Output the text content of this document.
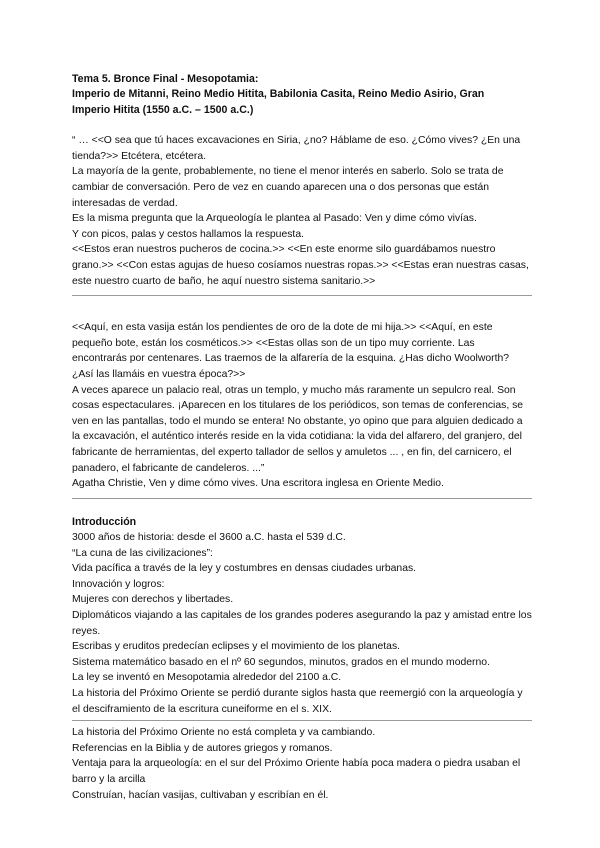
Tema 5. Bronce Final - Mesopotamia:

Imperio de Mitanni, Reino Medio Hitita, Babilonia Casita, Reino Medio Asirio, Gran

Imperio Hitita (1550 a.C. – 1500 a.C.)

“ … <<O sea que tú haces excavaciones en Siria, ¿no? Háblame de eso. ¿Cómo vives? ¿En una tienda?>> Etcétera, etcétera.

La mayoría de la gente, probablemente, no tiene el menor interés en saberlo. Solo se trata de cambiar de conversación. Pero de vez en cuando aparecen una o dos personas que están interesadas de verdad.

Es la misma pregunta que la Arqueología le plantea al Pasado: Ven y dime cómo vivías.

Y con picos, palas y cestos hallamos la respuesta.

<<Estos eran nuestros pucheros de cocina.>> <<En este enorme silo guardábamos nuestro grano.>> <<Con estas agujas de hueso cosíamos nuestras ropas.>> <<Estas eran nuestras casas, este nuestro cuarto de baño, he aquí nuestro sistema sanitario.>>

<<Aquí, en esta vasija están los pendientes de oro de la dote de mi hija.>> <<Aquí, en este pequeño bote, están los cosméticos.>> <<Estas ollas son de un tipo muy corriente. Las encontrarás por centenares. Las traemos de la alfarería de la esquina. ¿Has dicho Woolworth? ¿Así las llamáis en vuestra época?>>

A veces aparece un palacio real, otras un templo, y mucho más raramente un sepulcro real. Son cosas espectaculares. ¡Aparecen en los titulares de los periódicos, son temas de conferencias, se ven en las pantallas, todo el mundo se entera! No obstante, yo opino que para alguien dedicado a la excavación, el auténtico interés reside en la vida cotidiana: la vida del alfarero, del granjero, del fabricante de herramientas, del experto tallador de sellos y amuletos ... , en fin, del carnicero, el panadero, el fabricante de candeleros. ...”

Agatha Christie, Ven y dime cómo vives. Una escritora inglesa en Oriente Medio.

Introducción

3000 años de historia: desde el 3600 a.C. hasta el 539 d.C.

“La cuna de las civilizaciones”:

Vida pacífica a través de la ley y costumbres en densas ciudades urbanas.

Innovación y logros:

Mujeres con derechos y libertades.

Diplomáticos viajando a las capitales de los grandes poderes asegurando la paz y amistad entre los reyes.

Escribas y eruditos predecían eclipses y el movimiento de los planetas.

Sistema matemático basado en el nº 60 segundos, minutos, grados en el mundo moderno.

La ley se inventó en Mesopotamia alrededor del 2100 a.C.

La historia del Próximo Oriente se perdió durante siglos hasta que reemergió con la arqueología y el desciframiento de la escritura cuneiforme en el s. XIX.

La historia del Próximo Oriente no está completa y va cambiando.

Referencias en la Biblia y de autores griegos y romanos.

Ventaja para la arqueología: en el sur del Próximo Oriente había poca madera o piedra usaban el barro y la arcilla

Construían, hacían vasijas, cultivaban y escribían en él.
